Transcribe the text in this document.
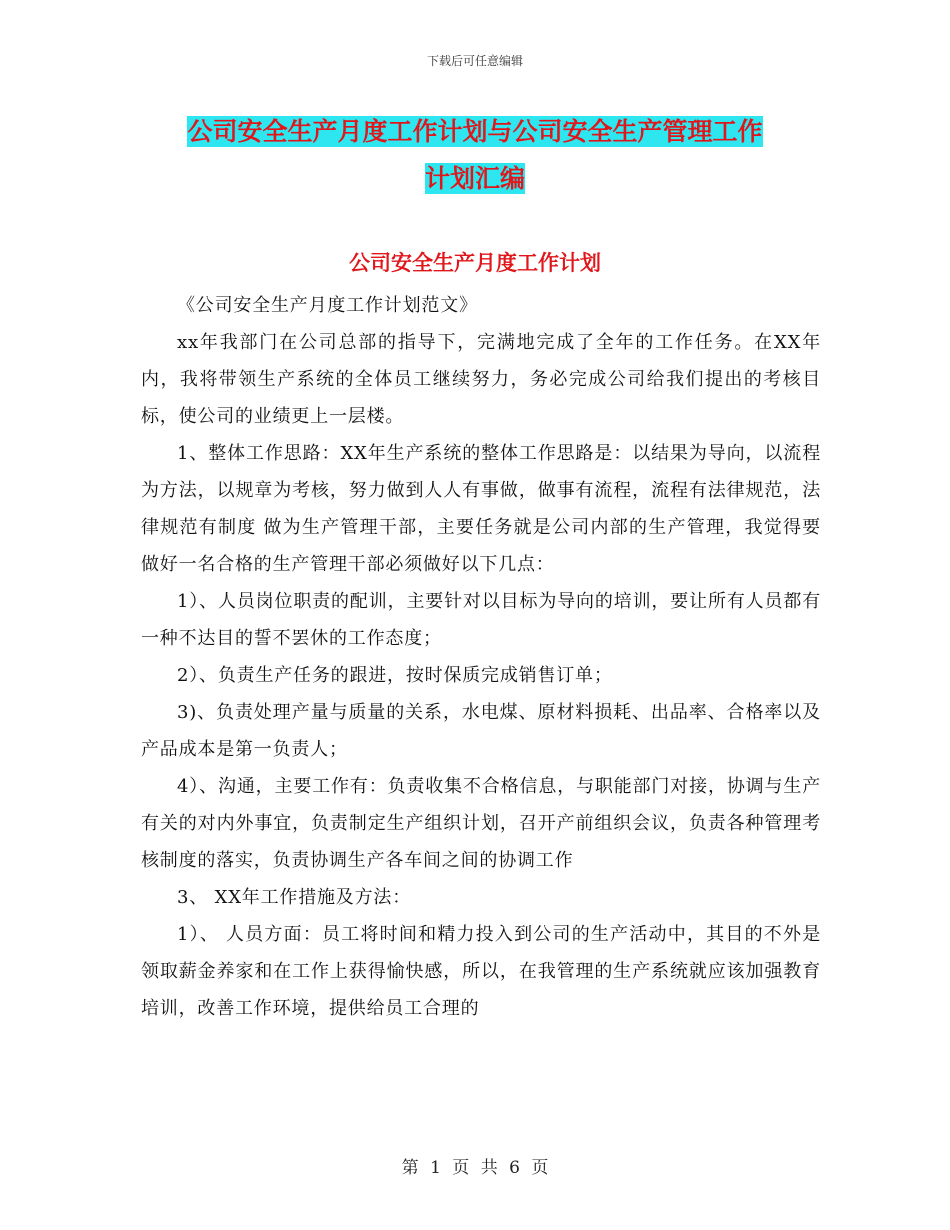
下载后可任意编辑
公司安全生产月度工作计划与公司安全生产管理工作
计划汇编
公司安全生产月度工作计划

《公司安全生产月度工作计划范文》

xx年我部门在公司总部的指导下，完满地完成了全年的工作任务。在XX年内，我将带领生产系统的全体员工继续努力，务必完成公司给我们提出的考核目标，使公司的业绩更上一层楼。

1、整体工作思路：XX年生产系统的整体工作思路是：以结果为导向，以流程为方法，以规章为考核，努力做到人人有事做，做事有流程，流程有法律规范，法律规范有制度 做为生产管理干部，主要任务就是公司内部的生产管理，我觉得要做好一名合格的生产管理干部必须做好以下几点：

1）、人员岗位职责的配训，主要针对以目标为导向的培训，要让所有人员都有一种不达目的誓不罢休的工作态度；

2）、负责生产任务的跟进，按时保质完成销售订单；

3)、负责处理产量与质量的关系，水电煤、原材料损耗、出品率、合格率以及产品成本是第一负责人；

4）、沟通，主要工作有：负责收集不合格信息，与职能部门对接，协调与生产有关的对内外事宜，负责制定生产组织计划，召开产前组织会议，负责各种管理考核制度的落实，负责协调生产各车间之间的协调工作

3、 XX年工作措施及方法：

1）、 人员方面：员工将时间和精力投入到公司的生产活动中，其目的不外是领取薪金养家和在工作上获得愉快感，所以，在我管理的生产系统就应该加强教育培训，改善工作环境，提供给员工合理的

第 1 页 共 6 页
